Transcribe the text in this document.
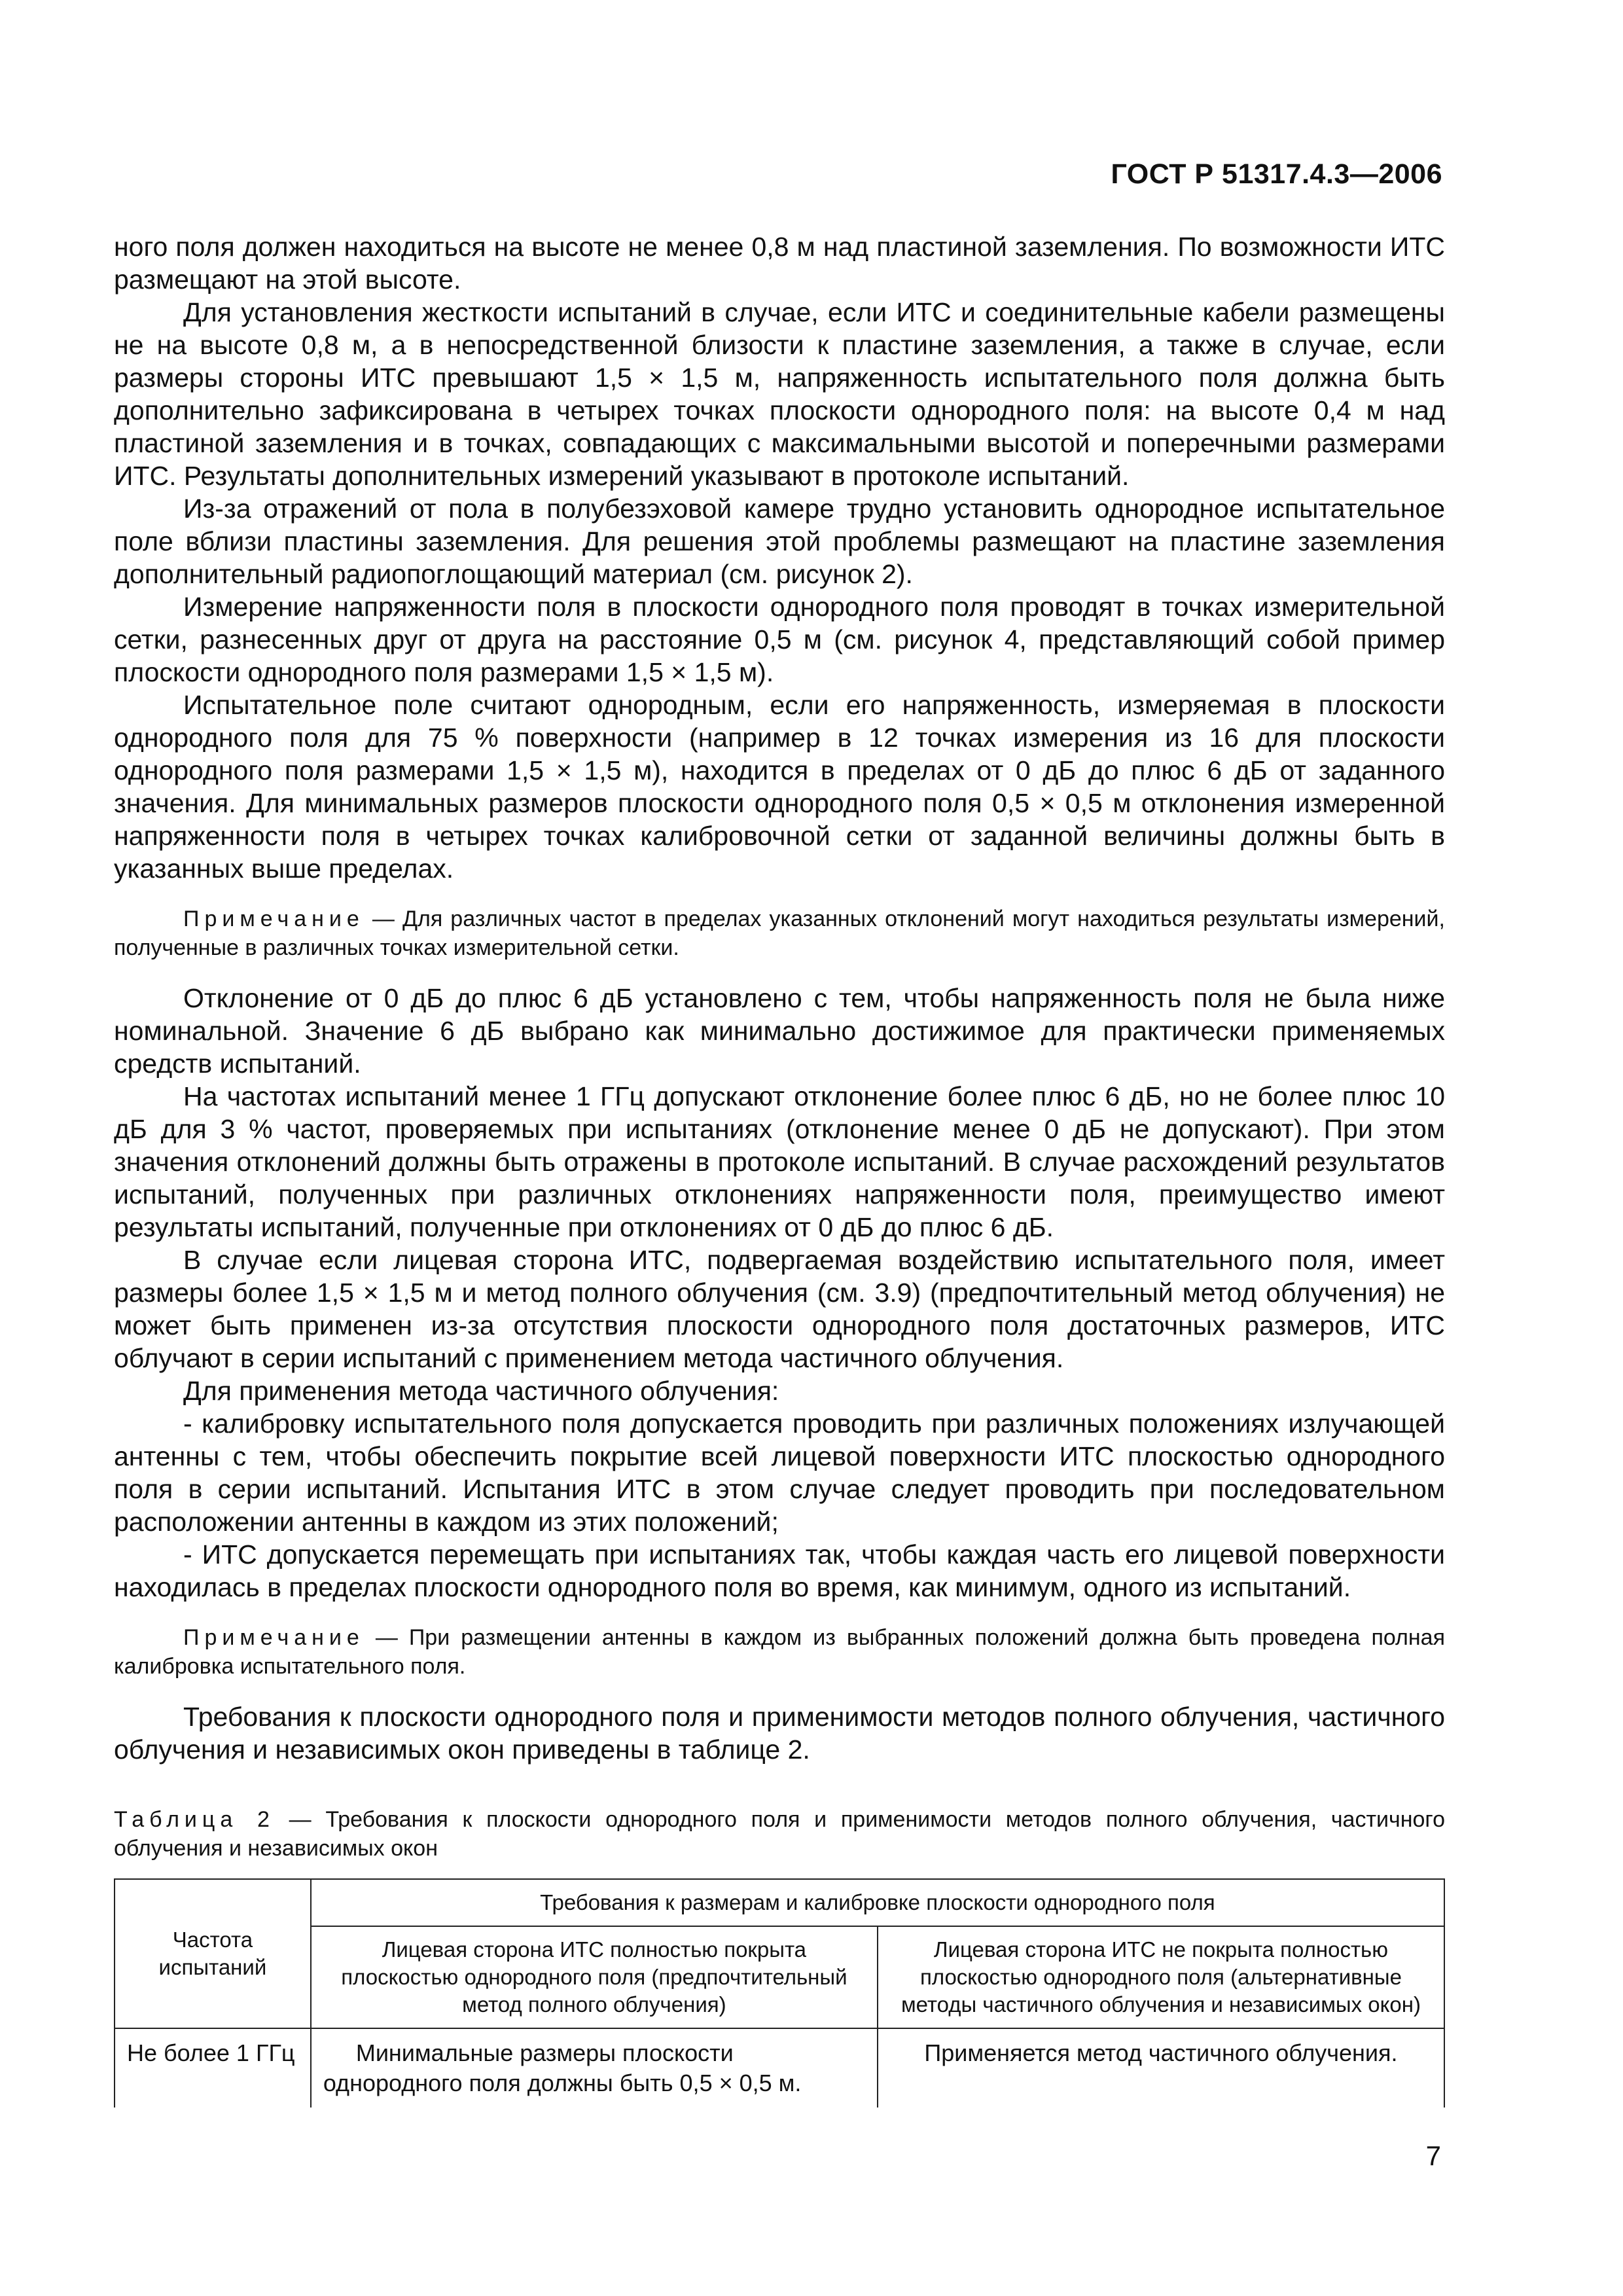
ГОСТ Р 51317.4.3—2006

ного поля должен находиться на высоте не менее 0,8 м над пластиной заземления. По возможности ИТС размещают на этой высоте.

Для установления жесткости испытаний в случае, если ИТС и соединительные кабели размещены не на высоте 0,8 м, а в непосредственной близости к пластине заземления, а также в случае, если размеры стороны ИТС превышают 1,5 × 1,5 м, напряженность испытательного поля должна быть дополнительно зафиксирована в четырех точках плоскости однородного поля: на высоте 0,4 м над пластиной заземления и в точках, совпадающих с максимальными высотой и поперечными размерами ИТС. Результаты дополнительных измерений указывают в протоколе испытаний.

Из-за отражений от пола в полубезэховой камере трудно установить однородное испытательное поле вблизи пластины заземления. Для решения этой проблемы размещают на пластине заземления дополнительный радиопоглощающий материал (см. рисунок 2).

Измерение напряженности поля в плоскости однородного поля проводят в точках измерительной сетки, разнесенных друг от друга на расстояние 0,5 м (см. рисунок 4, представляющий собой пример плоскости однородного поля размерами 1,5 × 1,5 м).

Испытательное поле считают однородным, если его напряженность, измеряемая в плоскости однородного поля для 75 % поверхности (например в 12 точках измерения из 16 для плоскости однородного поля размерами 1,5 × 1,5 м), находится в пределах от 0 дБ до плюс 6 дБ от заданного значения. Для минимальных размеров плоскости однородного поля 0,5 × 0,5 м отклонения измеренной напряженности поля в четырех точках калибровочной сетки от заданной величины должны быть в указанных выше пределах.

Примечание — Для различных частот в пределах указанных отклонений могут находиться результаты измерений, полученные в различных точках измерительной сетки.

Отклонение от 0 дБ до плюс 6 дБ установлено с тем, чтобы напряженность поля не была ниже номинальной. Значение 6 дБ выбрано как минимально достижимое для практически применяемых средств испытаний.

На частотах испытаний менее 1 ГГц допускают отклонение более плюс 6 дБ, но не более плюс 10 дБ для 3 % частот, проверяемых при испытаниях (отклонение менее 0 дБ не допускают). При этом значения отклонений должны быть отражены в протоколе испытаний. В случае расхождений результатов испытаний, полученных при различных отклонениях напряженности поля, преимущество имеют результаты испытаний, полученные при отклонениях от 0 дБ до плюс 6 дБ.

В случае если лицевая сторона ИТС, подвергаемая воздействию испытательного поля, имеет размеры более 1,5 × 1,5 м и метод полного облучения (см. 3.9) (предпочтительный метод облучения) не может быть применен из-за отсутствия плоскости однородного поля достаточных размеров, ИТС облучают в серии испытаний с применением метода частичного облучения.

Для применения метода частичного облучения:

- калибровку испытательного поля допускается проводить при различных положениях излучающей антенны с тем, чтобы обеспечить покрытие всей лицевой поверхности ИТС плоскостью однородного поля в серии испытаний. Испытания ИТС в этом случае следует проводить при последовательном расположении антенны в каждом из этих положений;

- ИТС допускается перемещать при испытаниях так, чтобы каждая часть его лицевой поверхности находилась в пределах плоскости однородного поля во время, как минимум, одного из испытаний.

Примечание — При размещении антенны в каждом из выбранных положений должна быть проведена полная калибровка испытательного поля.

Требования к плоскости однородного поля и применимости методов полного облучения, частичного облучения и независимых окон приведены в таблице 2.

Таблица 2 — Требования к плоскости однородного поля и применимости методов полного облучения, частичного облучения и независимых окон

Частота испытаний	Требования к размерам и калибровке плоскости однородного поля	
	Лицевая сторона ИТС полностью покрыта плоскостью однородного поля (предпочтительный метод полного облучения)	Лицевая сторона ИТС не покрыта полностью плоскостью однородного поля (альтернативные методы частичного облучения и независимых окон)
Не более 1 ГГц	Минимальные размеры плоскости однородного поля должны быть 0,5 × 0,5 м.	Применяется метод частичного облучения.
7
